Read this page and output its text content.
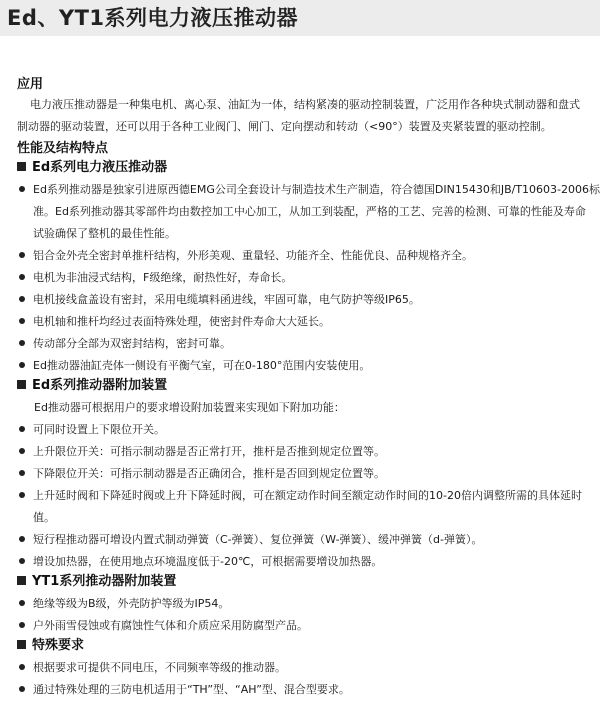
Ed、YT1系列电力液压推动器
应用
电力液压推动器是一种集电机、离心泵、油缸为一体，结构紧凑的驱动控制装置，广泛用作各种块式制动器和盘式
制动器的驱动装置，还可以用于各种工业阀门、闸门、定向摆动和转动（<90°）装置及夹紧装置的驱动控制。
性能及结构特点
Ed系列电力液压推动器
Ed系列推动器是独家引进原西德EMG公司全套设计与制造技术生产制造，符合德国DIN15430和JB/T10603-2006标
准。Ed系列推动器其零部件均由数控加工中心加工，从加工到装配，严格的工艺、完善的检测、可靠的性能及寿命
试验确保了整机的最佳性能。
铝合金外壳全密封单推杆结构，外形美观、重量轻、功能齐全、性能优良、品种规格齐全。
电机为非油浸式结构，F级绝缘，耐热性好，寿命长。
电机接线盒盖设有密封，采用电缆填料函进线，牢固可靠，电气防护等级IP65。
电机轴和推杆均经过表面特殊处理，使密封件寿命大大延长。
传动部分全部为双密封结构，密封可靠。
Ed推动器油缸壳体一侧设有平衡气室，可在0-180°范围内安装使用。
Ed系列推动器附加装置
Ed推动器可根据用户的要求增设附加装置来实现如下附加功能：
可同时设置上下限位开关。
上升限位开关：可指示制动器是否正常打开，推杆是否推到规定位置等。
下降限位开关：可指示制动器是否正确闭合，推杆是否回到规定位置等。
上升延时阀和下降延时阀或上升下降延时阀，可在额定动作时间至额定动作时间的10-20倍内调整所需的具体延时
值。
短行程推动器可增设内置式制动弹簧（C-弹簧）、复位弹簧（W-弹簧）、缓冲弹簧（d-弹簧）。
增设加热器，在使用地点环境温度低于-20℃，可根据需要增设加热器。
YT1系列推动器附加装置
绝缘等级为B级，外壳防护等级为IP54。
户外雨雪侵蚀或有腐蚀性气体和介质应采用防腐型产品。
特殊要求
根据要求可提供不同电压，不同频率等级的推动器。
通过特殊处理的三防电机适用于“TH”型、“AH”型、混合型要求。
